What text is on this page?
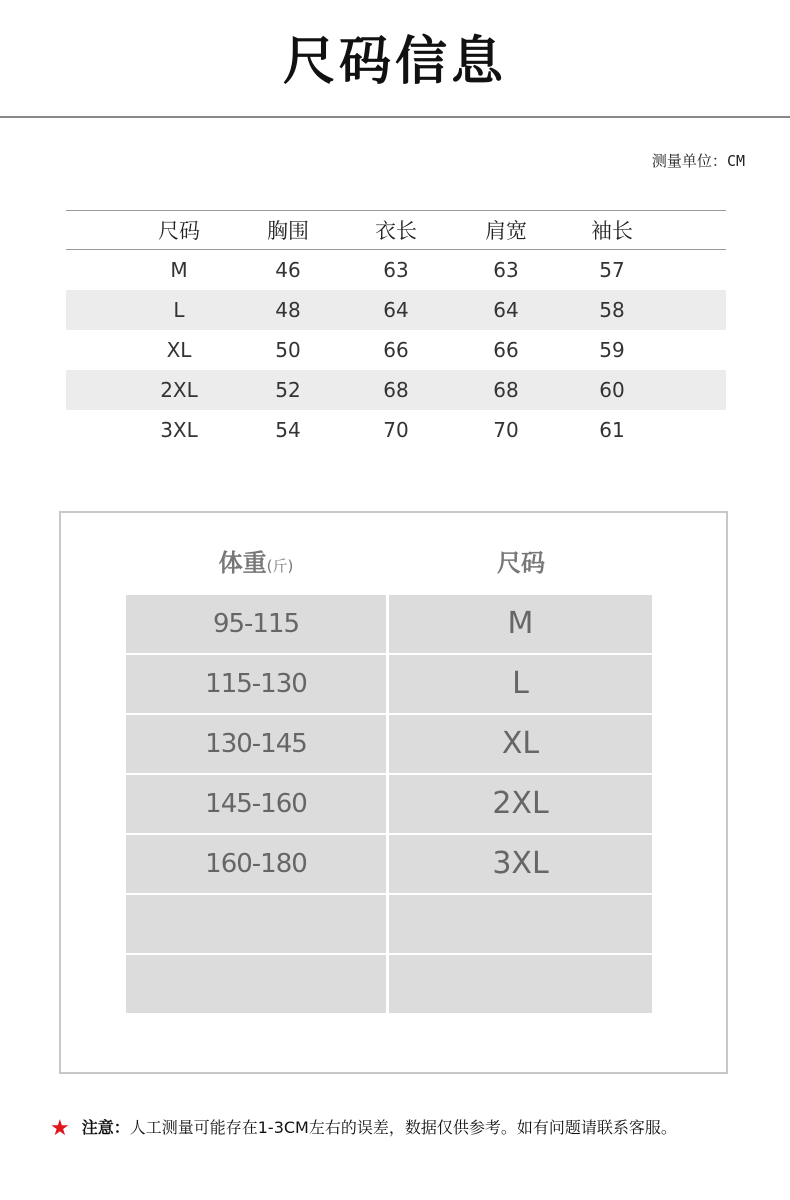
尺码信息
测量单位：CM
尺码	胸围	衣长	肩宽	袖长
M	46	63	63	57
L	48	64	64	58
XL	50	66	66	59
2XL	52	68	68	60
3XL	54	70	70	61
体重(斤)	尺码
95-115	M
115-130	L
130-145	XL
145-160	2XL
160-180	3XL
★ 注意：人工测量可能存在1-3CM左右的误差，数据仅供参考。如有问题请联系客服。
